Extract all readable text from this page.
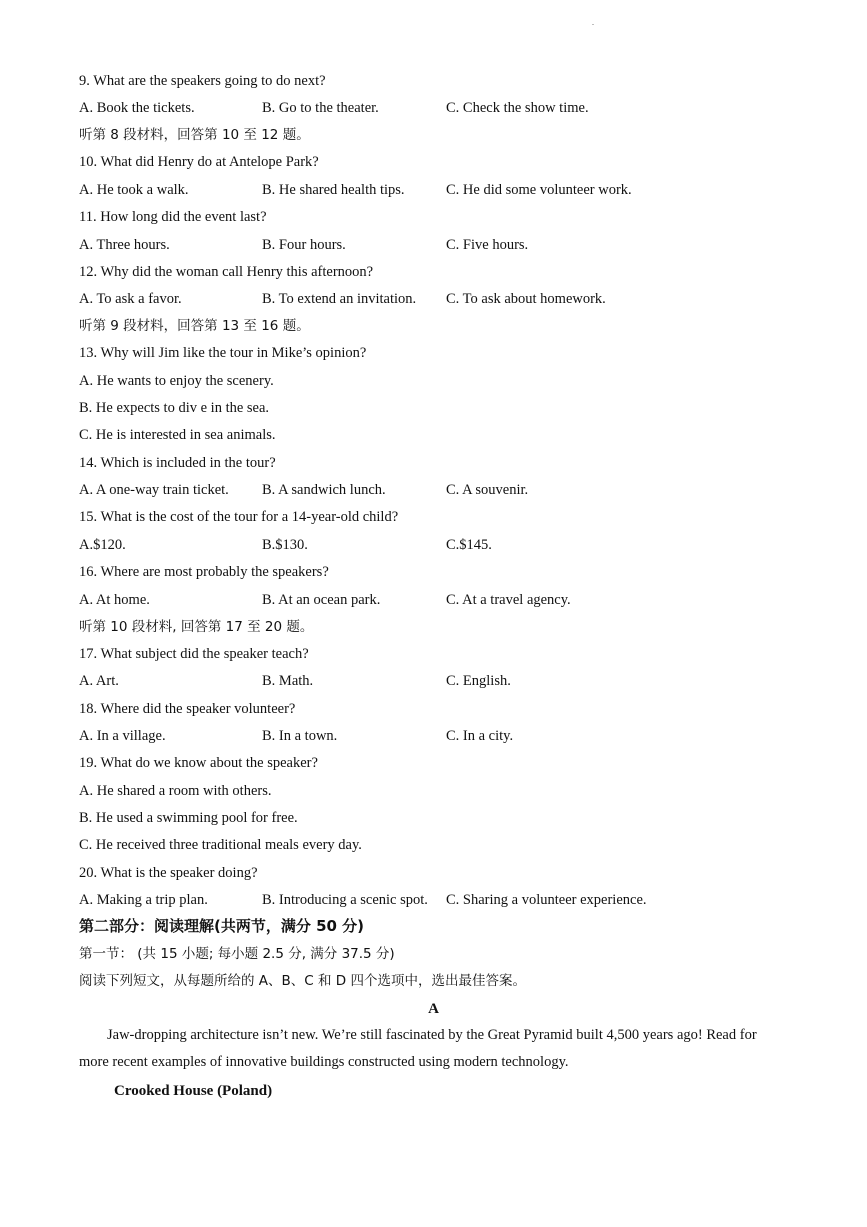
.
9. What are the speakers going to do next?
A. Book the tickets.	B. Go to the theater.	C. Check the show time.
听第 8 段材料，回答第 10 至 12 题。
10. What did Henry do at Antelope Park?
A. He took a walk.	B. He shared health tips.	C. He did some volunteer work.
11. How long did the event last?
A. Three hours.	B. Four hours.	C. Five hours.
12. Why did the woman call Henry this afternoon?
A. To ask a favor.	B. To extend an invitation. C. To ask about homework.
听第 9 段材料，回答第 13 至 16 题。
13. Why will Jim like the tour in Mike’s opinion?
A. He wants to enjoy the scenery.
B. He expects to div e in the sea.
C. He is interested in sea animals.
14. Which is included in the tour?
A. A one-way train ticket. B. A sandwich lunch.	C. A souvenir.
15. What is the cost of the tour for a 14-year-old child?
A.$120.	B.$130.	C.$145.
16. Where are most probably the speakers?
A. At home.	B. At an ocean park.	C. At a travel agency.
听第 10 段材料, 回答第 17 至 20 题。
17. What subject did the speaker teach?
A. Art.	B. Math.	C. English.
18. Where did the speaker volunteer?
A. In a village.	B. In a town.	C. In a city.
19. What do we know about the speaker?
A. He shared a room with others.
B. He used a swimming pool for free.
C. He received three traditional meals every day.
20. What is the speaker doing?
A. Making a trip plan.	B. Introducing a scenic spot. C. Sharing a volunteer experience.
第二部分：阅读理解(共两节，满分 50 分)
第一节： (共 15 小题; 每小题 2.5 分, 满分 37.5 分)
阅读下列短文，从每题所给的 A、B、C 和 D 四个选项中，选出最佳答案。
A
Jaw-dropping architecture isn’t new. We’re still fascinated by the Great Pyramid built 4,500 years ago! Read for more recent examples of innovative buildings constructed using modern technology.
Crooked House (Poland)
